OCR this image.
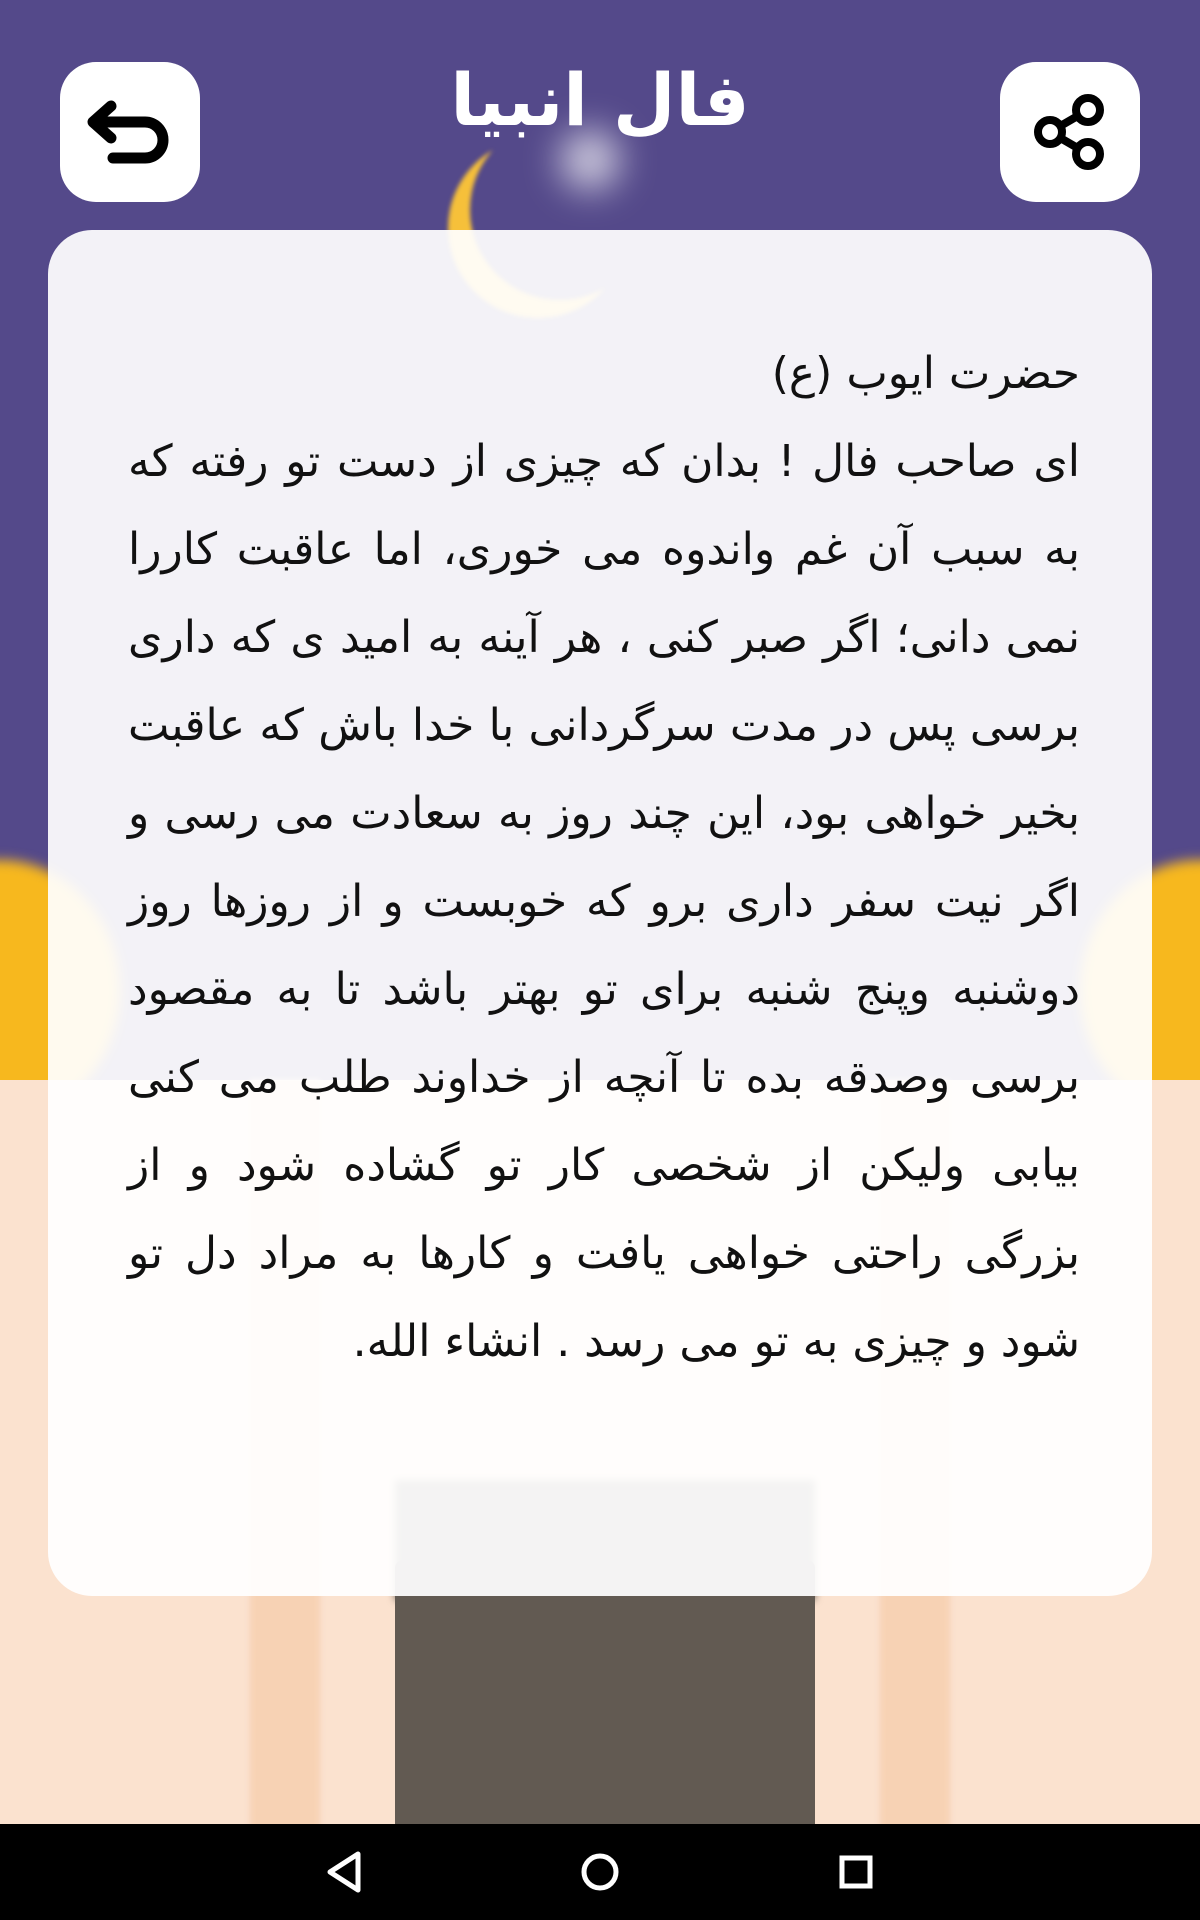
فال انبیا
حضرت ایوب (ع)
ای صاحب فال ! بدان که چیزی از دست تو رفته که به سبب آن غم واندوه می خوری، اما عاقبت کاررا نمی دانی؛ اگر صبر کنی ، هر آینه به امید ی که داری برسی پس در مدت سرگردانی با خدا باش که عاقبت بخیر خواهی بود، این چند روز به سعادت می رسی و اگر نیت سفر داری برو که خوبست و از روزها روز دوشنبه وپنج شنبه برای تو بهتر باشد تا به مقصود برسی وصدقه بده تا آنچه از خداوند طلب می کنی بیابی ولیکن از شخصی کار تو گشاده شود و از بزرگی راحتی خواهی یافت و کارها به مراد دل تو شود و چیزی به تو می رسد . انشاء الله.
